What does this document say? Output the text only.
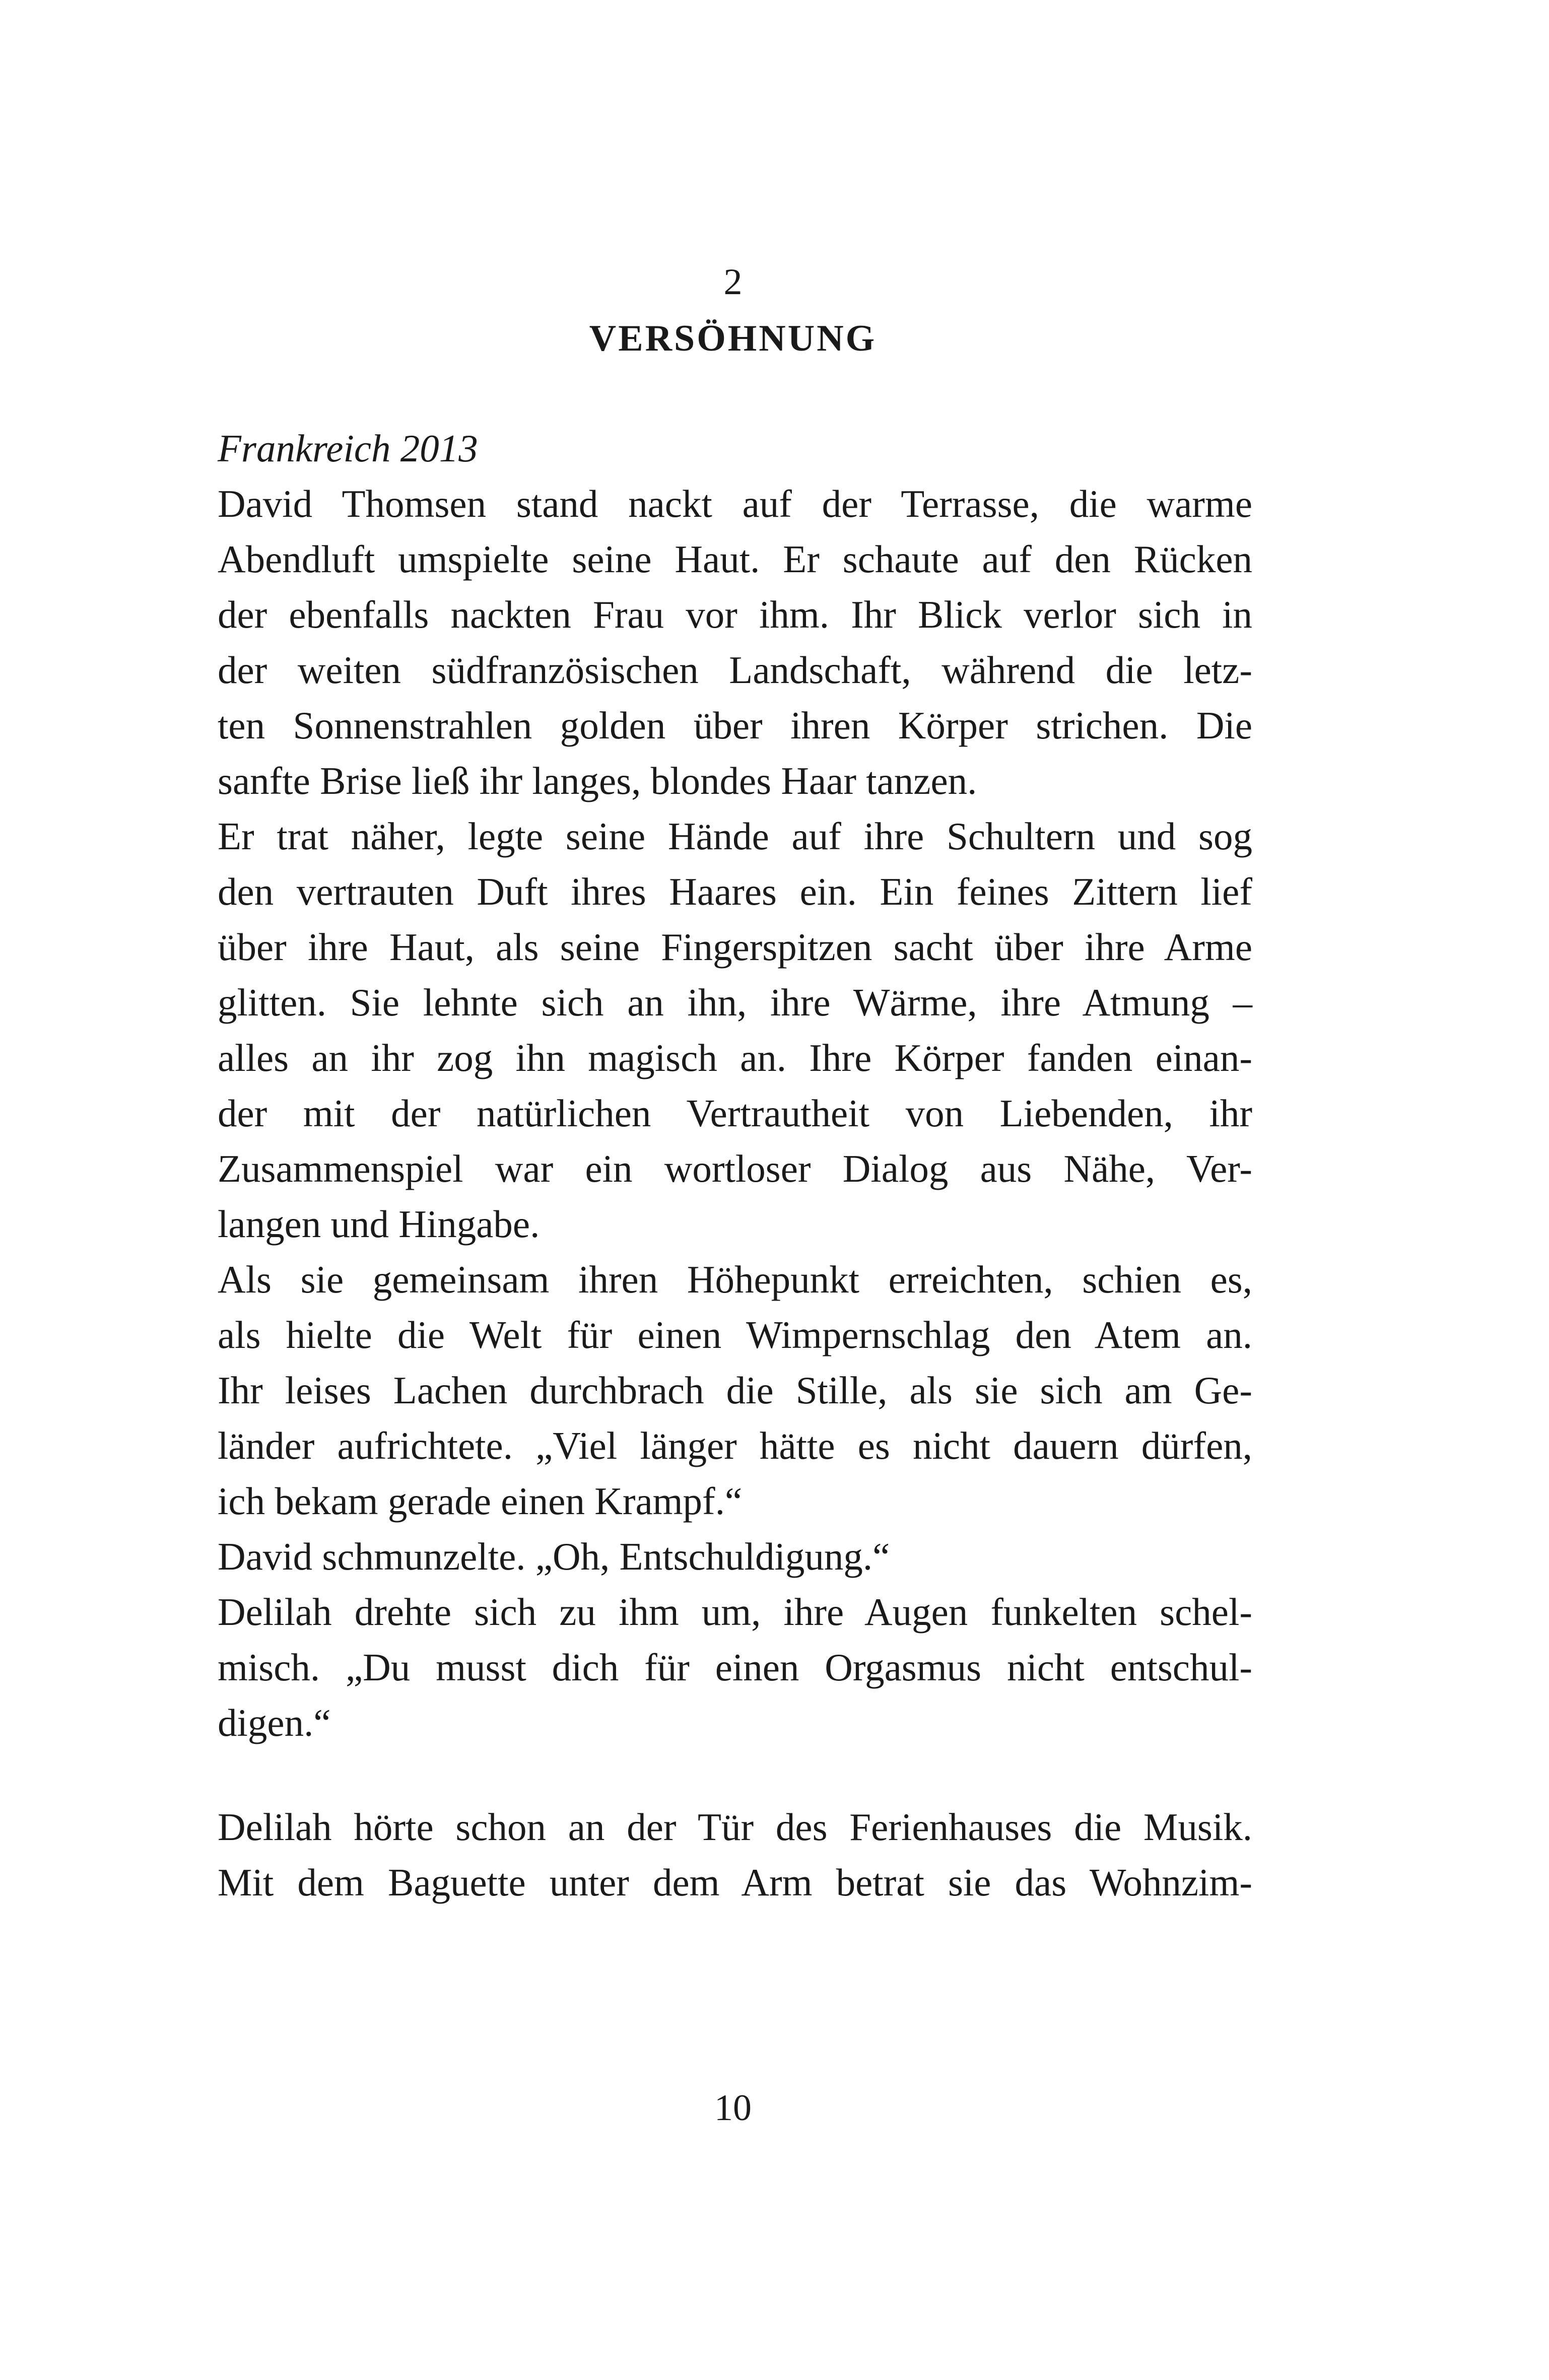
2
VERSÖHNUNG
Frankreich 2013
David Thomsen stand nackt auf der Terrasse, die warme
Abendluft umspielte seine Haut. Er schaute auf den Rücken
der ebenfalls nackten Frau vor ihm. Ihr Blick verlor sich in
der weiten südfranzösischen Landschaft, während die letz-
ten Sonnenstrahlen golden über ihren Körper strichen. Die
sanfte Brise ließ ihr langes, blondes Haar tanzen.
Er trat näher, legte seine Hände auf ihre Schultern und sog
den vertrauten Duft ihres Haares ein. Ein feines Zittern lief
über ihre Haut, als seine Fingerspitzen sacht über ihre Arme
glitten. Sie lehnte sich an ihn, ihre Wärme, ihre Atmung –
alles an ihr zog ihn magisch an. Ihre Körper fanden einan-
der mit der natürlichen Vertrautheit von Liebenden, ihr
Zusammenspiel war ein wortloser Dialog aus Nähe, Ver-
langen und Hingabe.
Als sie gemeinsam ihren Höhepunkt erreichten, schien es,
als hielte die Welt für einen Wimpernschlag den Atem an.
Ihr leises Lachen durchbrach die Stille, als sie sich am Ge-
länder aufrichtete. „Viel länger hätte es nicht dauern dürfen,
ich bekam gerade einen Krampf.“
David schmunzelte. „Oh, Entschuldigung.“
Delilah drehte sich zu ihm um, ihre Augen funkelten schel-
misch. „Du musst dich für einen Orgasmus nicht entschul-
digen.“
Delilah hörte schon an der Tür des Ferienhauses die Musik.
Mit dem Baguette unter dem Arm betrat sie das Wohnzim-
10
